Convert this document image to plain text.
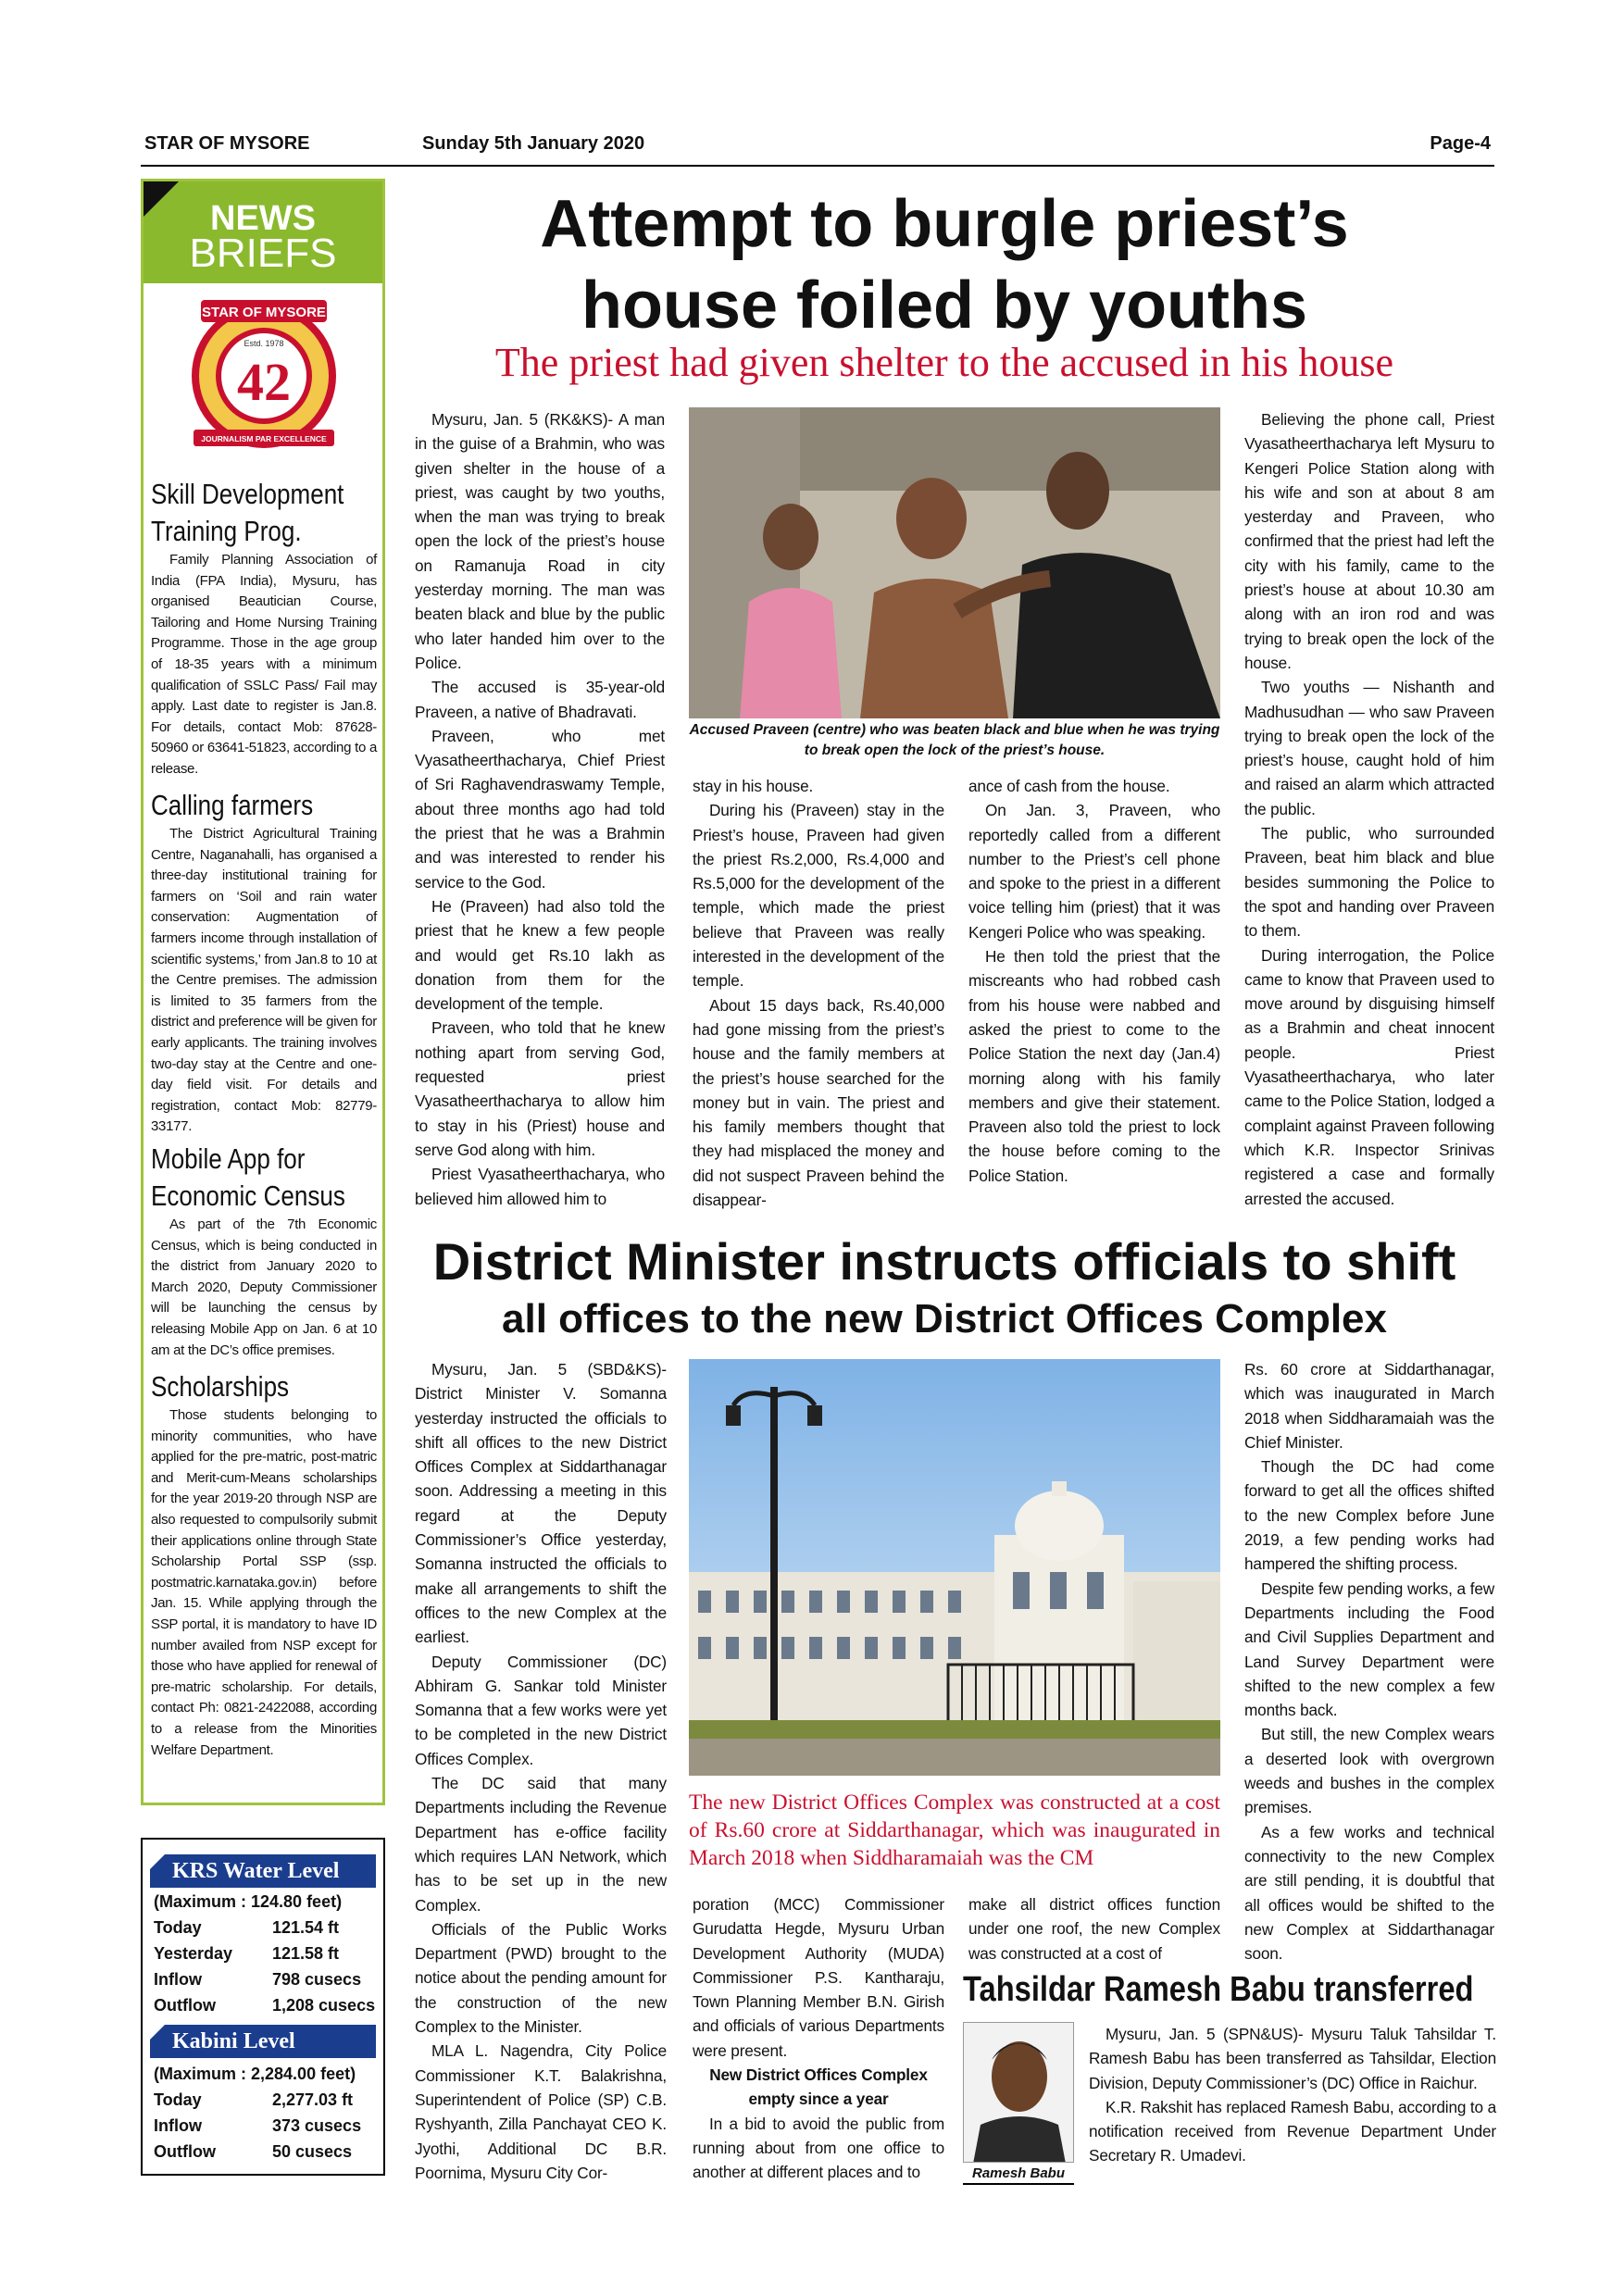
STAR OF MYSORE	Sunday 5th January 2020	Page-4
NEWS
BRIEFS
STAR OF MYSORE
Estd. 1978
42
JOURNALISM PAR EXCELLENCE
Skill Development
Training Prog.

Family Planning Association of India (FPA India), Mysuru, has organised Beautician Course, Tailoring and Home Nursing Training Programme. Those in the age group of 18-35 years with a minimum qualification of SSLC Pass/ Fail may apply. Last date to register is Jan.8. For details, contact Mob: 87628-50960 or 63641-51823, according to a release.

Calling farmers

The District Agricultural Training Centre, Naganahalli, has organised a three-day institutional training for farmers on ‘Soil and rain water conservation: Augmentation of farmers income through installation of scientific systems,’ from Jan.8 to 10 at the Centre premises. The admission is limited to 35 farmers from the district and preference will be given for early applicants. The training involves two-day stay at the Centre and one-day field visit. For details and registration, contact Mob: 82779-33177.

Mobile App for
Economic Census

As part of the 7th Economic Census, which is being conducted in the district from January 2020 to March 2020, Deputy Commissioner will be launching the census by releasing Mobile App on Jan. 6 at 10 am at the DC’s office premises.

Scholarships

Those students belonging to minority communities, who have applied for the pre-matric, post-matric and Merit-cum-Means scholarships for the year 2019-20 through NSP are also requested to compulsorily submit their applications online through State Scholarship Portal SSP (ssp. postmatric.karnataka.gov.in) before Jan. 15. While applying through the SSP portal, it is mandatory to have ID number availed from NSP except for those who have applied for renewal of pre-matric scholarship. For details, contact Ph: 0821-2422088, according to a release from the Minorities Welfare Department.

KRS Water Level
(Maximum : 124.80 feet)
Today	121.54 ft
Yesterday 121.58 ft
Inflow	798 cusecs
Outflow	1,208 cusecs
Kabini Level
(Maximum : 2,284.00 feet)
Today	2,277.03 ft
Inflow	373 cusecs
Outflow	50 cusecs
Attempt to burgle priest’s
house foiled by youths
The priest had given shelter to the accused in his house

Mysuru, Jan. 5 (RK&KS)- A man in the guise of a Brahmin, who was given shelter in the house of a priest, was caught by two youths, when the man was trying to break open the lock of the priest’s house on Ramanuja Road in city yesterday morning. The man was beaten black and blue by the public who later handed him over to the Police.

The accused is 35-year-old Praveen, a native of Bhadravati.

Praveen, who met Vyasatheerthacharya, Chief Priest of Sri Raghavendraswamy Temple, about three months ago had told the priest that he was a Brahmin and was interested to render his service to the God.

He (Praveen) had also told the priest that he knew a few people and would get Rs.10 lakh as donation from them for the development of the temple.

Praveen, who told that he knew nothing apart from serving God, requested priest Vyasatheerthacharya to allow him to stay in his (Priest) house and serve God along with him.

Priest Vyasatheerthacharya, who believed him allowed him to

Accused Praveen (centre) who was beaten black and blue when he was trying to break open the lock of the priest’s house.

stay in his house.

During his (Praveen) stay in the Priest’s house, Praveen had given the priest Rs.2,000, Rs.4,000 and Rs.5,000 for the development of the temple, which made the priest believe that Praveen was really interested in the development of the temple.

About 15 days back, Rs.40,000 had gone missing from the priest’s house and the family members at the priest’s house searched for the money but in vain. The priest and his family members thought that they had misplaced the money and did not suspect Praveen behind the disappear-

ance of cash from the house.

On Jan. 3, Praveen, who reportedly called from a different number to the Priest’s cell phone and spoke to the priest in a different voice telling him (priest) that it was Kengeri Police who was speaking.

He then told the priest that the miscreants who had robbed cash from his house were nabbed and asked the priest to come to the Police Station the next day (Jan.4) morning along with his family members and give their statement. Praveen also told the priest to lock the house before coming to the Police Station.

Believing the phone call, Priest Vyasatheerthacharya left Mysuru to Kengeri Police Station along with his wife and son at about 8 am yesterday and Praveen, who confirmed that the priest had left the city with his family, came to the priest’s house at about 10.30 am along with an iron rod and was trying to break open the lock of the house.

Two youths — Nishanth and Madhusudhan — who saw Praveen trying to break open the lock of the priest’s house, caught hold of him and raised an alarm which attracted the public.

The public, who surrounded Praveen, beat him black and blue besides summoning the Police to the spot and handing over Praveen to them.

During interrogation, the Police came to know that Praveen used to move around by disguising himself as a Brahmin and cheat innocent people. Priest Vyasatheerthacharya, who later came to the Police Station, lodged a complaint against Praveen following which K.R. Inspector Srinivas registered a case and formally arrested the accused.

District Minister instructs officials to shift
all offices to the new District Offices Complex

Mysuru, Jan. 5 (SBD&KS)- District Minister V. Somanna yesterday instructed the officials to shift all offices to the new District Offices Complex at Siddarthanagar soon. Addressing a meeting in this regard at the Deputy Commissioner’s Office yesterday, Somanna instructed the officials to make all arrangements to shift the offices to the new Complex at the earliest.

Deputy Commissioner (DC) Abhiram G. Sankar told Minister Somanna that a few works were yet to be completed in the new District Offices Complex.

The DC said that many Departments including the Revenue Department has e-office facility which requires LAN Network, which has to be set up in the new Complex.

Officials of the Public Works Department (PWD) brought to the notice about the pending amount for the construction of the new Complex to the Minister.

MLA L. Nagendra, City Police Commissioner K.T. Balakrishna, Superintendent of Police (SP) C.B. Ryshyanth, Zilla Panchayat CEO K. Jyothi, Additional DC B.R. Poornima, Mysuru City Cor-

The new District Offices Complex was constructed at a cost of Rs.60 crore at Siddarthanagar, which was inaugurated in March 2018 when Siddharamaiah was the CM

poration (MCC) Commissioner Gurudatta Hegde, Mysuru Urban Development Authority (MUDA) Commissioner P.S. Kantharaju, Town Planning Member B.N. Girish and officials of various Departments were present.

New District Offices Complex

empty since a year

In a bid to avoid the public from running about from one office to another at different places and to

make all district offices function under one roof, the new Complex was constructed at a cost of

Rs. 60 crore at Siddarthanagar, which was inaugurated in March 2018 when Siddharamaiah was the Chief Minister.

Though the DC had come forward to get all the offices shifted to the new Complex before June 2019, a few pending works had hampered the shifting process.

Despite few pending works, a few Departments including the Food and Civil Supplies Department and Land Survey Department were shifted to the new complex a few months back.

But still, the new Complex wears a deserted look with overgrown weeds and bushes in the complex premises.

As a few works and technical connectivity to the new Complex are still pending, it is doubtful that all offices would be shifted to the new Complex at Siddarthanagar soon.

Tahsildar Ramesh Babu transferred
Ramesh Babu

Mysuru, Jan. 5 (SPN&US)- Mysuru Taluk Tahsildar T. Ramesh Babu has been transferred as Tahsildar, Election Division, Deputy Commissioner’s (DC) Office in Raichur.

K.R. Rakshit has replaced Ramesh Babu, according to a notification received from Revenue Department Under Secretary R. Umadevi.
